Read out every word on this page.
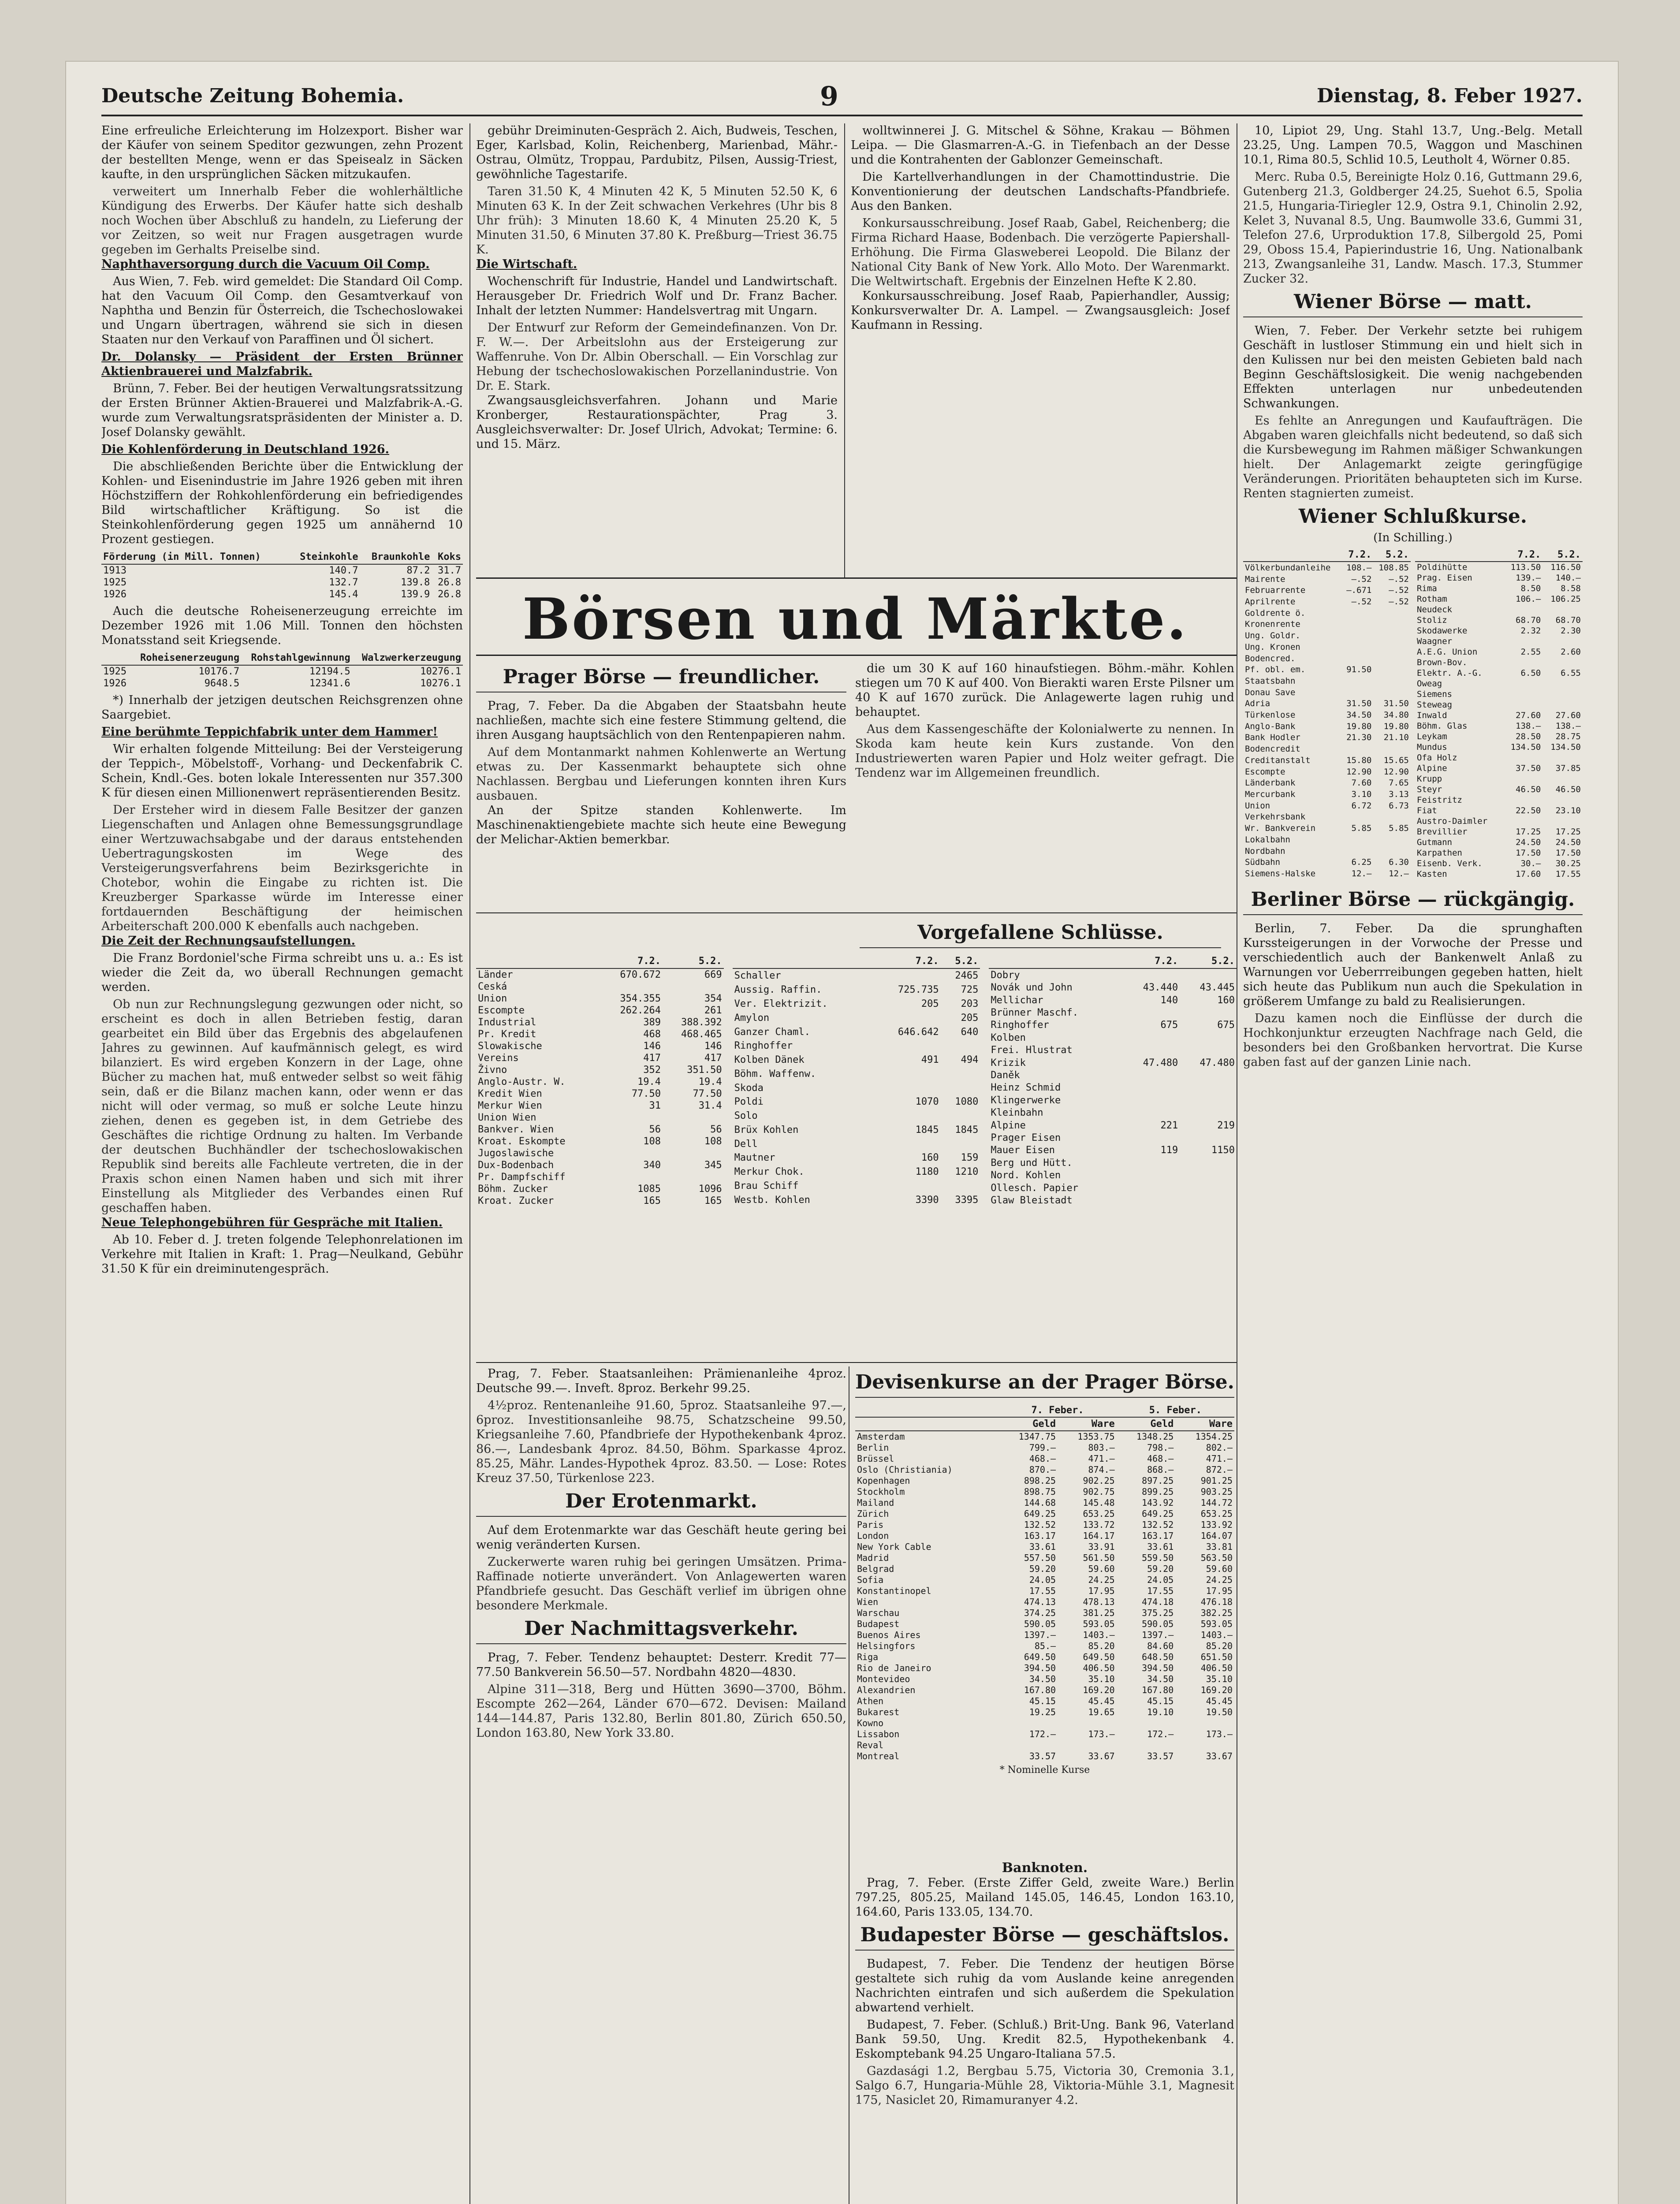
Deutsche Zeitung Bohemia.	9	Dienstag, 8. Feber 1927.

Eine erfreuliche Erleichterung im Holzexport. Bisher war der Käufer von seinem Speditor gezwungen, zehn Prozent der bestellten Menge, wenn er das Speisealz in Säcken kaufte, in den ursprünglichen Säcken mitzukaufen.

verweitert um Innerhalb Feber die wohlerhältliche Kündigung des Erwerbs. Der Käufer hatte sich deshalb noch Wochen über Abschluß zu handeln, zu Lieferung der vor Zeitzen, so weit nur Fragen ausgetragen wurde gegeben im Gerhalts Preiselbe sind.

Naphthaversorgung durch die Vacuum Oil Comp.

Aus Wien, 7. Feb. wird gemeldet: Die Standard Oil Comp. hat den Vacuum Oil Comp. den Gesamtverkauf von Naphtha und Benzin für Österreich, die Tschechoslowakei und Ungarn übertragen, während sie sich in diesen Staaten nur den Verkauf von Paraffinen und Öl sichert.

Dr. Dolansky — Präsident der Ersten Brünner Aktienbrauerei und Malzfabrik.

Brünn, 7. Feber. Bei der heutigen Verwaltungsratssitzung der Ersten Brünner Aktien-Brauerei und Malzfabrik-A.-G. wurde zum Verwaltungsratspräsidenten der Minister a. D. Josef Dolansky gewählt.

Die Kohlenförderung in Deutschland 1926.

Die abschließenden Berichte über die Entwicklung der Kohlen- und Eisenindustrie im Jahre 1926 geben mit ihren Höchstziffern der Rohkohlenförderung ein befriedigendes Bild wirtschaftlicher Kräftigung. So ist die Steinkohlenförderung gegen 1925 um annähernd 10 Prozent gestiegen.

Förderung (in Mill. Tonnen)	Steinkohle	Braunkohle	Koks
1913	140.7	87.2	31.7
1925	132.7	139.8	26.8
1926	145.4	139.9	26.8

Auch die deutsche Roheisenerzeugung erreichte im Dezember 1926 mit 1.06 Mill. Tonnen den höchsten Monatsstand seit Kriegsende.

	Roheisenerzeugung	Rohstahlgewinnung	Walzwerkerzeugung
1925	10176.7	12194.5	10276.1
1926	9648.5	12341.6	10276.1

*) Innerhalb der jetzigen deutschen Reichsgrenzen ohne Saargebiet.

Eine berühmte Teppichfabrik unter dem Hammer!

Wir erhalten folgende Mitteilung: Bei der Versteigerung der Teppich-, Möbelstoff-, Vorhang- und Deckenfabrik C. Schein, Kndl.-Ges. boten lokale Interessenten nur 357.300 K für diesen einen Millionenwert repräsentierenden Besitz.

Der Ersteher wird in diesem Falle Besitzer der ganzen Liegenschaften und Anlagen ohne Bemessungsgrundlage einer Wertzuwachsabgabe und der daraus entstehenden Uebertragungskosten im Wege des Versteigerungsverfahrens beim Bezirksgerichte in Chotebor, wohin die Eingabe zu richten ist. Die Kreuzberger Sparkasse würde im Interesse einer fortdauernden Beschäftigung der heimischen Arbeiterschaft 200.000 K ebenfalls auch nachgeben.

Die Zeit der Rechnungsaufstellungen.

Die Franz Bordoniel'sche Firma schreibt uns u. a.: Es ist wieder die Zeit da, wo überall Rechnungen gemacht werden.

Ob nun zur Rechnungslegung gezwungen oder nicht, so erscheint es doch in allen Betrieben festig, daran gearbeitet ein Bild über das Ergebnis des abgelaufenen Jahres zu gewinnen. Auf kaufmännisch gelegt, es wird bilanziert. Es wird ergeben Konzern in der Lage, ohne Bücher zu machen hat, muß entweder selbst so weit fähig sein, daß er die Bilanz machen kann, oder wenn er das nicht will oder vermag, so muß er solche Leute hinzu ziehen, denen es gegeben ist, in dem Getriebe des Geschäftes die richtige Ordnung zu halten. Im Verbande der deutschen Buchhändler der tschechoslowakischen Republik sind bereits alle Fachleute vertreten, die in der Praxis schon einen Namen haben und sich mit ihrer Einstellung als Mitglieder des Verbandes einen Ruf geschaffen haben.

Neue Telephongebühren für Gespräche mit Italien.

Ab 10. Feber d. J. treten folgende Telephonrelationen im Verkehre mit Italien in Kraft: 1. Prag—Neulkand, Gebühr 31.50 K für ein dreiminutengespräch.

gebühr Dreiminuten-Gespräch 2. Aich, Budweis, Teschen, Eger, Karlsbad, Kolin, Reichenberg, Marienbad, Mähr.-Ostrau, Olmütz, Troppau, Pardubitz, Pilsen, Aussig-Triest, gewöhnliche Tagestarife.

Taren 31.50 K, 4 Minuten 42 K, 5 Minuten 52.50 K, 6 Minuten 63 K. In der Zeit schwachen Verkehres (Uhr bis 8 Uhr früh): 3 Minuten 18.60 K, 4 Minuten 25.20 K, 5 Minuten 31.50, 6 Minuten 37.80 K. Preßburg—Triest 36.75 K.

Die Wirtschaft.

Wochenschrift für Industrie, Handel und Landwirtschaft. Herausgeber Dr. Friedrich Wolf und Dr. Franz Bacher. Inhalt der letzten Nummer: Handelsvertrag mit Ungarn.

Der Entwurf zur Reform der Gemeindefinanzen. Von Dr. F. W.—. Der Arbeitslohn aus der Ersteigerung zur Waffenruhe. Von Dr. Albin Oberschall. — Ein Vorschlag zur Hebung der tschechoslowakischen Porzellanindustrie. Von Dr. E. Stark.

Zwangsausgleichsverfahren. Johann und Marie Kronberger, Restaurationspächter, Prag 3. Ausgleichsverwalter: Dr. Josef Ulrich, Advokat; Termine: 6. und 15. März.

wolltwinnerei J. G. Mitschel & Söhne, Krakau — Böhmen Leipa. — Die Glasmarren-A.-G. in Tiefenbach an der Desse und die Kontrahenten der Gablonzer Gemeinschaft.

Die Kartellverhandlungen in der Chamottindustrie. Die Konventionierung der deutschen Landschafts-Pfandbriefe. Aus den Banken.

Konkursausschreibung. Josef Raab, Gabel, Reichenberg; die Firma Richard Haase, Bodenbach. Die verzögerte Papiershall-Erhöhung. Die Firma Glasweberei Leopold. Die Bilanz der National City Bank of New York. Allo Moto. Der Warenmarkt. Die Weltwirtschaft. Ergebnis der Einzelnen Hefte K 2.80.

Konkursausschreibung. Josef Raab, Papierhandler, Aussig; Konkursverwalter Dr. A. Lampel. — Zwangsausgleich: Josef Kaufmann in Ressing.

10, Lipiot 29, Ung. Stahl 13.7, Ung.-Belg. Metall 23.25, Ung. Lampen 70.5, Waggon und Maschinen 10.1, Rima 80.5, Schlid 10.5, Leutholt 4, Wörner 0.85.

Merc. Ruba 0.5, Bereinigte Holz 0.16, Guttmann 29.6, Gutenberg 21.3, Goldberger 24.25, Suehot 6.5, Spolia 21.5, Hungaria-Tiriegler 12.9, Ostra 9.1, Chinolin 2.92, Kelet 3, Nuvanal 8.5, Ung. Baumwolle 33.6, Gummi 31, Telefon 27.6, Urproduktion 17.8, Silbergold 25, Pomi 29, Oboss 15.4, Papierindustrie 16, Ung. Nationalbank 213, Zwangsanleihe 31, Landw. Masch. 17.3, Stummer Zucker 32.

Wiener Börse — matt.

Wien, 7. Feber. Der Verkehr setzte bei ruhigem Geschäft in lustloser Stimmung ein und hielt sich in den Kulissen nur bei den meisten Gebieten bald nach Beginn Geschäftslosigkeit. Die wenig nachgebenden Effekten unterlagen nur unbedeutenden Schwankungen.

Es fehlte an Anregungen und Kaufaufträgen. Die Abgaben waren gleichfalls nicht bedeutend, so daß sich die Kursbewegung im Rahmen mäßiger Schwankungen hielt. Der Anlagemarkt zeigte geringfügige Veränderungen. Prioritäten behaupteten sich im Kurse. Renten stagnierten zumeist.

Wiener Schlußkurse.
(In Schilling.)
	7.2.	5.2.
Völkerbundanleihe	108.—	108.85
Mairente	—.52	—.52
Februarrente	—.671	—.52
Aprilrente	—.52	—.52
Goldrente ö.		
Kronenrente		
Ung. Goldr.		
Ung. Kronen		
Bodencred.		
Pf. obl. em.	91.50	
Staatsbahn		
Donau Save		
Adria	31.50	31.50
Türkenlose	34.50	34.80
Anglo-Bank	19.80	19.80
Bank Hodler	21.30	21.10
Bodencredit		
Creditanstalt	15.80	15.65
Escompte	12.90	12.90
Länderbank	7.60	7.65
Mercurbank	3.10	3.13
Union	6.72	6.73
Verkehrsbank		
Wr. Bankverein	5.85	5.85
Lokalbahn		
Nordbahn		
Südbahn	6.25	6.30
Siemens-Halske	12.—	12.—
	7.2.	5.2.
Poldihütte	113.50	116.50
Prag. Eisen	139.—	140.—
Rima	8.50	8.58
Rotham	106.—	106.25
Neudeck		
Stoliz	68.70	68.70
Skodawerke	2.32	2.30
Waagner		
A.E.G. Union	2.55	2.60
Brown-Bov.		
Elektr. A.-G.	6.50	6.55
Oweag		
Siemens		
Steweag		
Inwald	27.60	27.60
Böhm. Glas	138.—	138.—
Leykam	28.50	28.75
Mundus	134.50	134.50
Ofa Holz		
Alpine	37.50	37.85
Krupp		
Steyr	46.50	46.50
Feistritz		
Fiat	22.50	23.10
Austro-Daimler		
Brevillier	17.25	17.25
Gutmann	24.50	24.50
Karpathen	17.50	17.50
Eisenb. Verk.	30.—	30.25
Kasten	17.60	17.55
Berliner Börse — rückgängig.

Berlin, 7. Feber. Da die sprunghaften Kurssteigerungen in der Vorwoche der Presse und verschiedentlich auch der Bankenwelt Anlaß zu Warnungen vor Ueberrreibungen gegeben hatten, hielt sich heute das Publikum nun auch die Spekulation in größerem Umfange zu bald zu Realisierungen.

Dazu kamen noch die Einflüsse der durch die Hochkonjunktur erzeugten Nachfrage nach Geld, die besonders bei den Großbanken hervortrat. Die Kurse gaben fast auf der ganzen Linie nach.

Börsen und Märkte.
Prager Börse — freundlicher.

Prag, 7. Feber. Da die Abgaben der Staatsbahn heute nachließen, machte sich eine festere Stimmung geltend, die ihren Ausgang hauptsächlich von den Rentenpapieren nahm.

Auf dem Montanmarkt nahmen Kohlenwerte an Wertung etwas zu. Der Kassenmarkt behauptete sich ohne Nachlassen. Bergbau und Lieferungen konnten ihren Kurs ausbauen.

An der Spitze standen Kohlenwerte. Im Maschinenaktiengebiete machte sich heute eine Bewegung der Melichar-Aktien bemerkbar.

die um 30 K auf 160 hinaufstiegen. Böhm.-mähr. Kohlen stiegen um 70 K auf 400. Von Bierakti waren Erste Pilsner um 40 K auf 1670 zurück. Die Anlagewerte lagen ruhig und behauptet.

Aus dem Kassengeschäfte der Kolonialwerte zu nennen. In Skoda kam heute kein Kurs zustande. Von den Industriewerten waren Papier und Holz weiter gefragt. Die Tendenz war im Allgemeinen freundlich.

Vorgefallene Schlüsse.
	7.2.	5.2.
Länder	670.672	669
Ceská		
Union	354.355	354
Escompte	262.264	261
Industrial	389	388.392
Pr. Kredit	468	468.465
Slowakische	146	146
Vereins	417	417
Živno	352	351.50
Anglo-Austr. W.	19.4	19.4
Kredit Wien	77.50	77.50
Merkur Wien	31	31.4
Union Wien		
Bankver. Wien	56	56
Kroat. Eskompte	108	108
Jugoslawische		
Dux-Bodenbach	340	345
Pr. Dampfschiff		
Böhm. Zucker	1085	1096
Kroat. Zucker	165	165
	7.2.	5.2.
Schaller		2465
Aussig. Raffin.	725.735	725
Ver. Elektrizit.	205	203
Amylon		205
Ganzer Chaml.	646.642	640
Ringhoffer		
Kolben Dänek	491	494
Böhm. Waffenw.		
Skoda		
Poldi	1070	1080
Solo		
Brüx Kohlen	1845	1845
Dell		
Mautner	160	159
Merkur Chok.	1180	1210
Brau Schiff		
Westb. Kohlen	3390	3395
	7.2.	5.2.
Dobry		
Novák und John	43.440	43.445
Mellichar	140	160
Brünner Maschf.		
Ringhoffer	675	675
Kolben		
Frei. Hlustrat		
Krizik	47.480	47.480
Daněk		
Heinz Schmid		
Klingerwerke		
Kleinbahn		
Alpine	221	219
Prager Eisen		
Mauer Eisen	119	1150
Berg und Hütt.		
Nord. Kohlen		
Ollesch. Papier		
Glaw Bleistadt		

Prag, 7. Feber. Staatsanleihen: Prämienanleihe 4proz. Deutsche 99.—. Inveft. 8proz. Berkehr 99.25.

4½proz. Rentenanleihe 91.60, 5proz. Staatsanleihe 97.—, 6proz. Investitionsanleihe 98.75, Schatzscheine 99.50, Kriegsanleihe 7.60, Pfandbriefe der Hypothekenbank 4proz. 86.—, Landesbank 4proz. 84.50, Böhm. Sparkasse 4proz. 85.25, Mähr. Landes-Hypothek 4proz. 83.50. — Lose: Rotes Kreuz 37.50, Türkenlose 223.

Der Erotenmarkt.

Auf dem Erotenmarkte war das Geschäft heute gering bei wenig veränderten Kursen.

Zuckerwerte waren ruhig bei geringen Umsätzen. Prima-Raffinade notierte unverändert. Von Anlagewerten waren Pfandbriefe gesucht. Das Geschäft verlief im übrigen ohne besondere Merkmale.

Der Nachmittagsverkehr.

Prag, 7. Feber. Tendenz behauptet: Desterr. Kredit 77—77.50 Bankverein 56.50—57. Nordbahn 4820—4830.

Alpine 311—318, Berg und Hütten 3690—3700, Böhm. Escompte 262—264, Länder 670—672. Devisen: Mailand 144—144.87, Paris 132.80, Berlin 801.80, Zürich 650.50, London 163.80, New York 33.80.

Devisenkurse an der Prager Börse.
	7. Feber.		5. Feber.	
	Geld	Ware	Geld	Ware
Amsterdam	1347.75	1353.75	1348.25	1354.25
Berlin	799.—	803.—	798.—	802.—
Brüssel	468.—	471.—	468.—	471.—
Oslo (Christiania)	870.—	874.—	868.—	872.—
Kopenhagen	898.25	902.25	897.25	901.25
Stockholm	898.75	902.75	899.25	903.25
Mailand	144.68	145.48	143.92	144.72
Zürich	649.25	653.25	649.25	653.25
Paris	132.52	133.72	132.52	133.92
London	163.17	164.17	163.17	164.07
New York Cable	33.61	33.91	33.61	33.81
Madrid	557.50	561.50	559.50	563.50
Belgrad	59.20	59.60	59.20	59.60
Sofia	24.05	24.25	24.05	24.25
Konstantinopel	17.55	17.95	17.55	17.95
Wien	474.13	478.13	474.18	476.18
Warschau	374.25	381.25	375.25	382.25
Budapest	590.05	593.05	590.05	593.05
Buenos Aires	1397.—	1403.—	1397.—	1403.—
Helsingfors	85.—	85.20	84.60	85.20
Riga	649.50	649.50	648.50	651.50
Rio de Janeiro	394.50	406.50	394.50	406.50
Montevideo	34.50	35.10	34.50	35.10
Alexandrien	167.80	169.20	167.80	169.20
Athen	45.15	45.45	45.15	45.45
Bukarest	19.25	19.65	19.10	19.50
Kowno				
Lissabon	172.—	173.—	172.—	173.—
Reval				
Montreal	33.57	33.67	33.57	33.67
* Nominelle Kurse
Banknoten.

Prag, 7. Feber. (Erste Ziffer Geld, zweite Ware.) Berlin 797.25, 805.25, Mailand 145.05, 146.45, London 163.10, 164.60, Paris 133.05, 134.70.

Budapester Börse — geschäftslos.

Budapest, 7. Feber. Die Tendenz der heutigen Börse gestaltete sich ruhig da vom Auslande keine anregenden Nachrichten eintrafen und sich außerdem die Spekulation abwartend verhielt.

Budapest, 7. Feber. (Schluß.) Brit-Ung. Bank 96, Vaterland Bank 59.50, Ung. Kredit 82.5, Hypothekenbank 4. Eskomptebank 94.25 Ungaro-Italiana 57.5.

Gazdasági 1.2, Bergbau 5.75, Victoria 30, Cremonia 3.1, Salgo 6.7, Hungaria-Mühle 28, Viktoria-Mühle 3.1, Magnesit 175, Nasiclet 20, Rimamuranyer 4.2.
